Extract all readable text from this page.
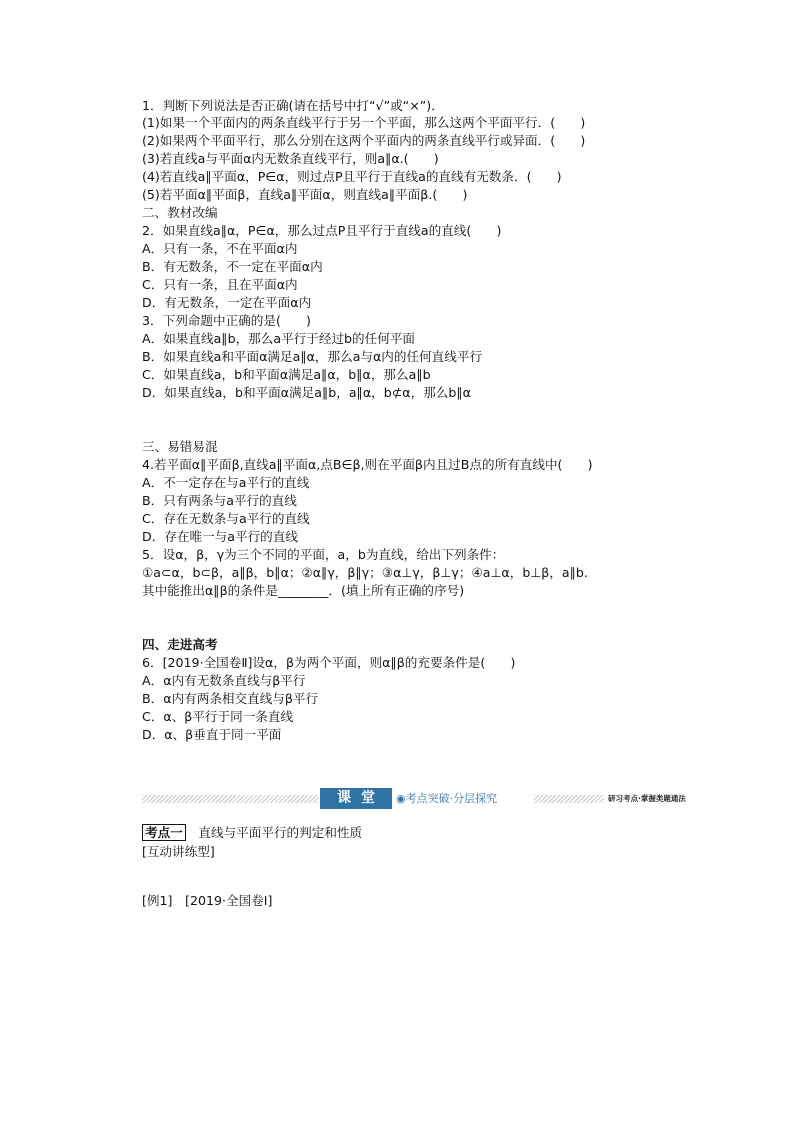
1．判断下列说法是否正确(请在括号中打“√”或“×”)．
(1)如果一个平面内的两条直线平行于另一个平面，那么这两个平面平行．(　　)
(2)如果两个平面平行，那么分别在这两个平面内的两条直线平行或异面．(　　)
(3)若直线a与平面α内无数条直线平行，则a∥α.(　　)
(4)若直线a∥平面α，P∈α，则过点P且平行于直线a的直线有无数条．(　　)
(5)若平面α∥平面β，直线a∥平面α，则直线a∥平面β.(　　)
二、教材改编
2．如果直线a∥α，P∈α，那么过点P且平行于直线a的直线(　　)
A．只有一条，不在平面α内
B．有无数条，不一定在平面α内
C．只有一条，且在平面α内
D．有无数条，一定在平面α内
3．下列命题中正确的是(　　)
A．如果直线a∥b，那么a平行于经过b的任何平面
B．如果直线a和平面α满足a∥α，那么a与α内的任何直线平行
C．如果直线a，b和平面α满足a∥α，b∥α，那么a∥b
D．如果直线a，b和平面α满足a∥b，a∥α，b⊄α，那么b∥α
三、易错易混
4.若平面α∥平面β,直线a∥平面α,点B∈β,则在平面β内且过B点的所有直线中(　　)
A．不一定存在与a平行的直线
B．只有两条与a平行的直线
C．存在无数条与a平行的直线
D．存在唯一与a平行的直线
5．设α，β，γ为三个不同的平面，a，b为直线，给出下列条件：
①a⊂α，b⊂β，a∥β，b∥α；②α∥γ，β∥γ；③α⊥γ，β⊥γ；④a⊥α，b⊥β，a∥b.
其中能推出α∥β的条件是________．(填上所有正确的序号)
四、走进高考
6．[2019·全国卷Ⅱ]设α，β为两个平面，则α∥β的充要条件是(　　)
A．α内有无数条直线与β平行
B．α内有两条相交直线与β平行
C．α、β平行于同一条直线
D．α、β垂直于同一平面
课堂	◉考点突破·分层探究	研习考点·掌握类题通法
考点一　直线与平面平行的判定和性质
[互动讲练型]
[例1]　[2019·全国卷Ⅰ]
